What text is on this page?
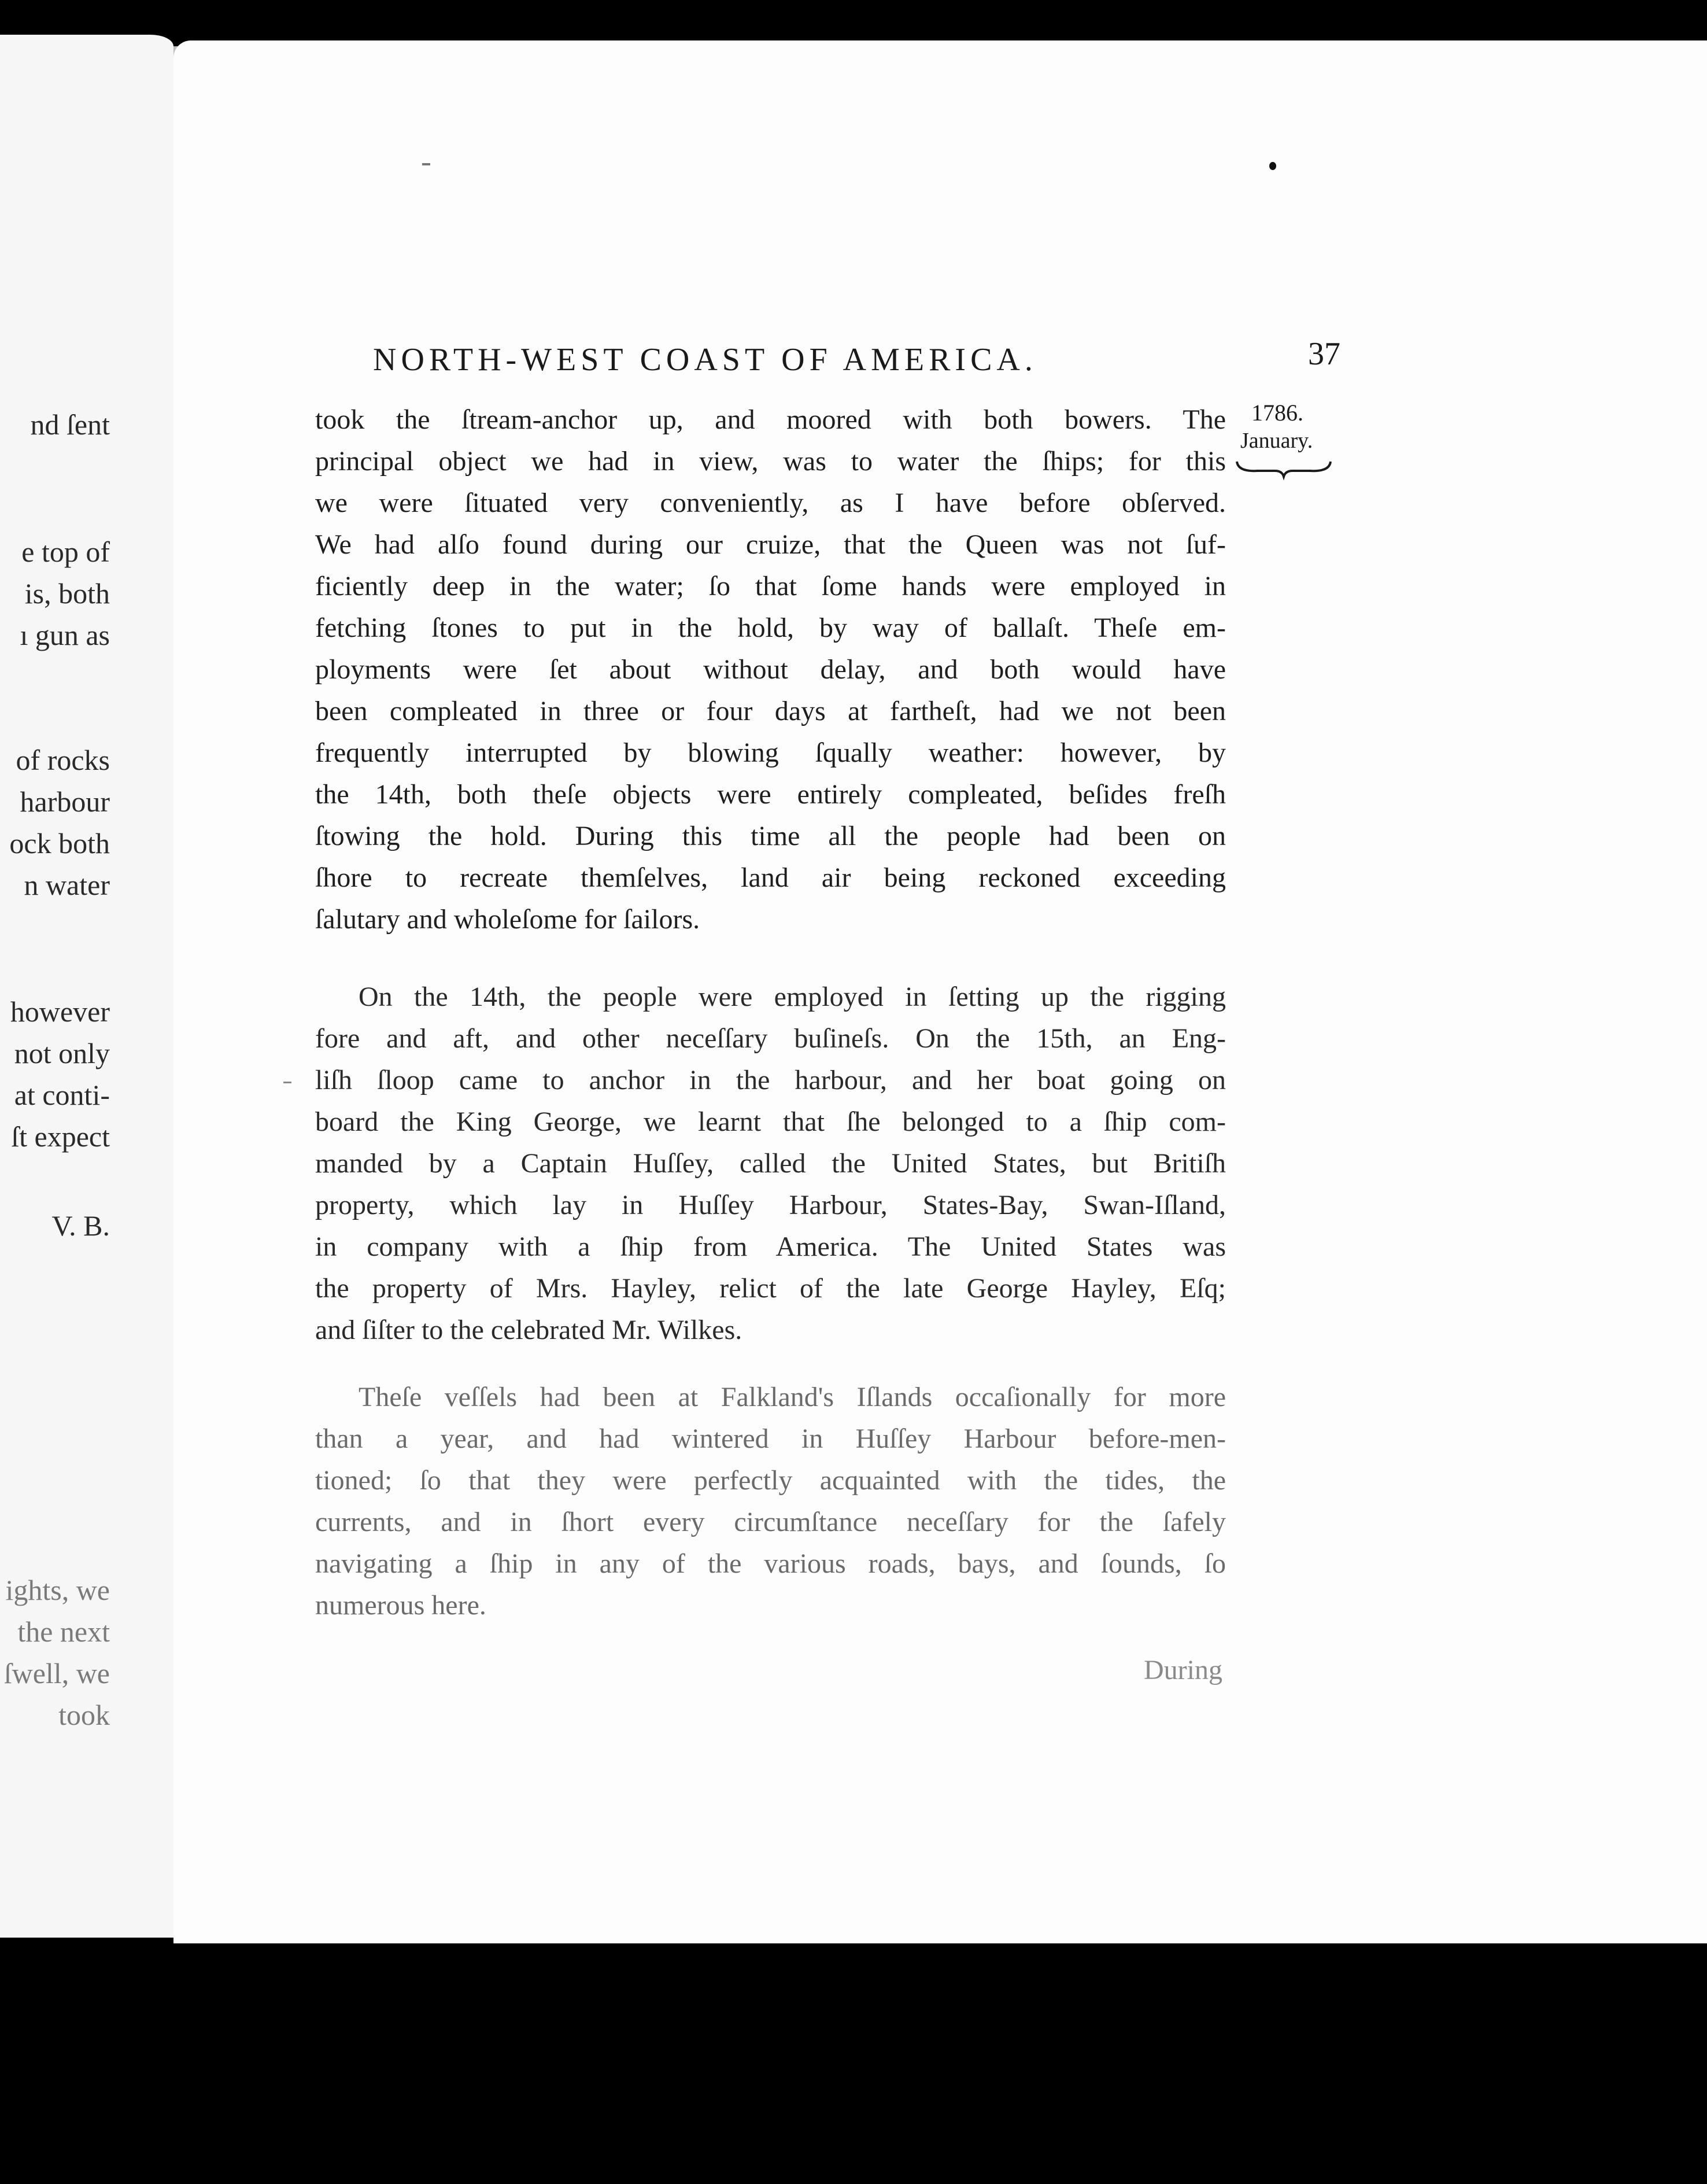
nd ſent
e top of
is, both
ı gun as
of rocks
harbour
ock both
n water
however
not only
at conti-
ſt expect
V. B.
ights, we
the next
ſwell, we
took
NORTH-WEST COAST OF AMERICA.	37
1786.
January.
took the ſtream-anchor up, and moored with both bowers. The
principal object we had in view, was to water the ſhips; for this
we were ſituated very conveniently, as I have before obſerved.
We had alſo found during our cruize, that the Queen was not ſuf-
ficiently deep in the water; ſo that ſome hands were employed in
fetching ſtones to put in the hold, by way of ballaſt. Theſe em-
ployments were ſet about without delay, and both would have
been compleated in three or four days at fartheſt, had we not been
frequently interrupted by blowing ſqually weather: however, by
the 14th, both theſe objects were entirely compleated, beſides freſh
ſtowing the hold. During this time all the people had been on
ſhore to recreate themſelves, land air being reckoned exceeding
ſalutary and wholeſome for ſailors.
On the 14th, the people were employed in ſetting up the rigging
fore and aft, and other neceſſary buſineſs. On the 15th, an Eng-
liſh ſloop came to anchor in the harbour, and her boat going on
board the King George, we learnt that ſhe belonged to a ſhip com-
manded by a Captain Huſſey, called the United States, but Britiſh
property, which lay in Huſſey Harbour, States-Bay, Swan-Iſland,
in company with a ſhip from America. The United States was
the property of Mrs. Hayley, relict of the late George Hayley, Eſq;
and ſiſter to the celebrated Mr. Wilkes.
Theſe veſſels had been at Falkland's Iſlands occaſionally for more
than a year, and had wintered in Huſſey Harbour before-men-
tioned; ſo that they were perfectly acquainted with the tides, the
currents, and in ſhort every circumſtance neceſſary for the ſafely
navigating a ſhip in any of the various roads, bays, and ſounds, ſo
numerous here.
During
